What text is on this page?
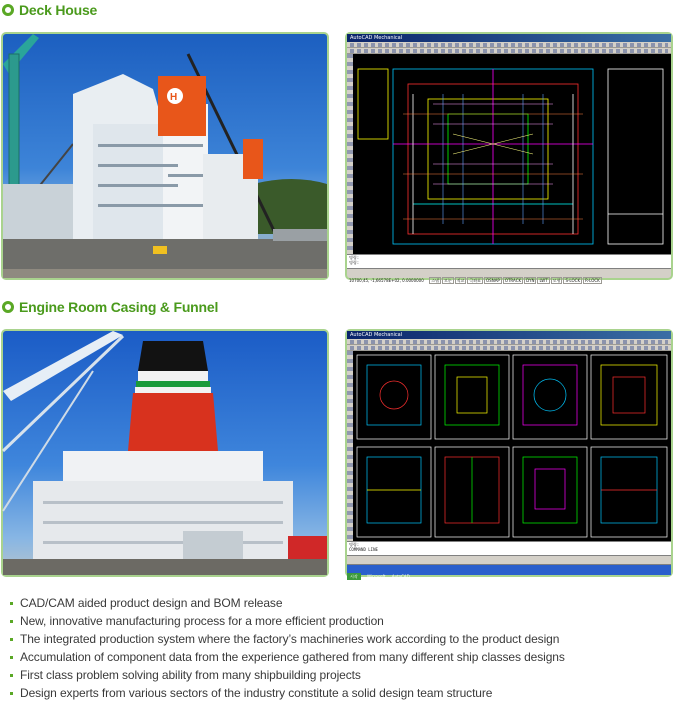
Deck House
H
AutoCAD Mechanical
명령:
명령:
10700,45, -1,66578E+02, 0.0000000 스냅 모눈 직교 극좌표 OSNAP OTRACK DYN LWT 모형 S-LOCK R-LOCK
Engine Room Casing & Funnel
AutoCAD Mechanical
명령:
COMMAND LINE
시작 Microsoft AutoCAD
CAD/CAM aided product design and BOM release
New, innovative manufacturing process for a more efficient production
The integrated production system where the factory’s machineries work according to the product design
Accumulation of component data from the experience gathered from many different ship classes designs
First class problem solving ability from many shipbuilding projects
Design experts from various sectors of the industry constitute a solid design team structure
